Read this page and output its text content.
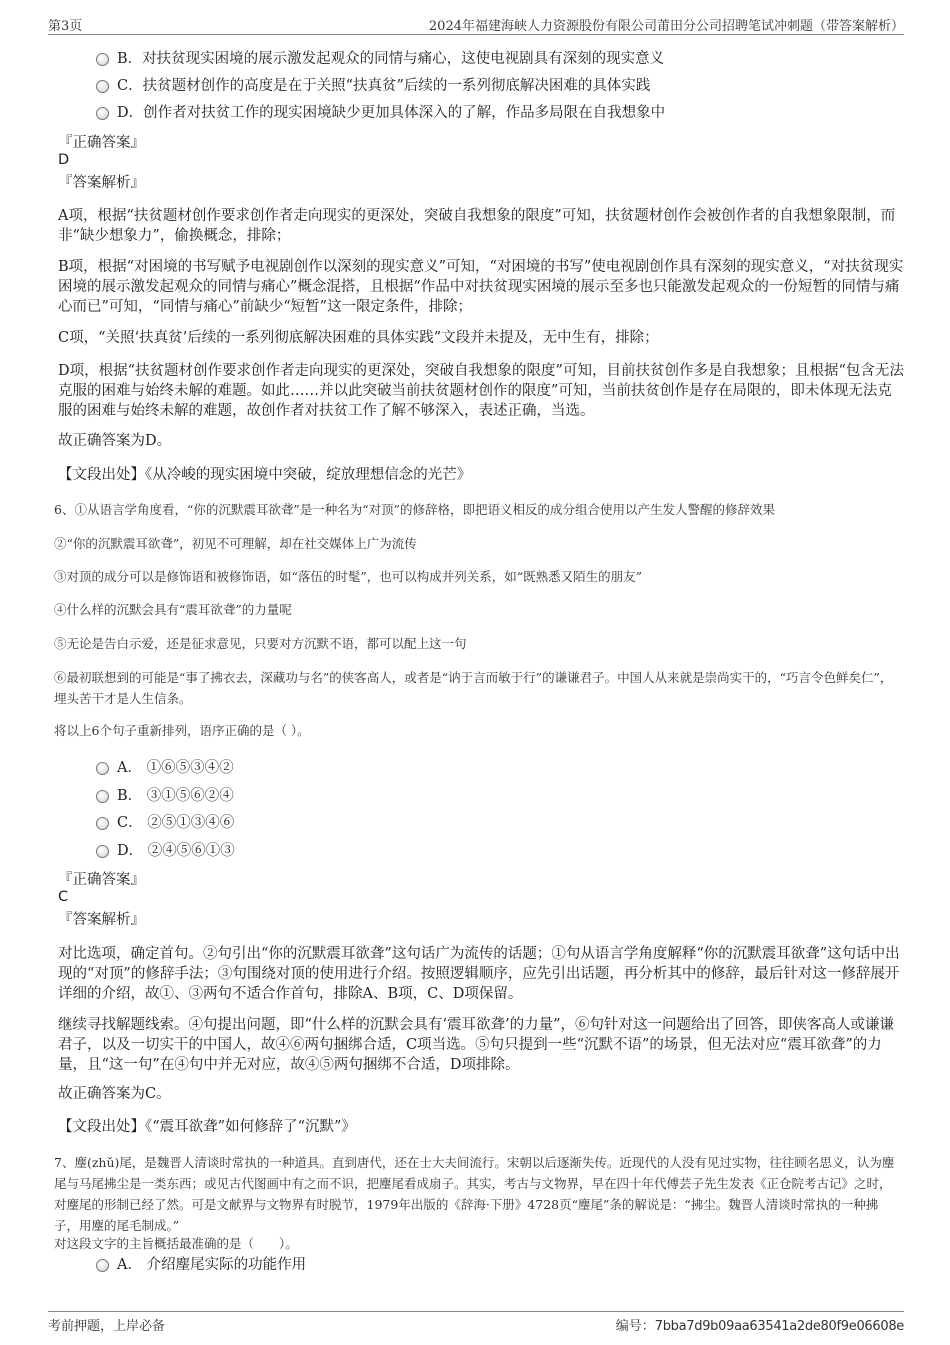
第3页	2024年福建海峡人力资源股份有限公司莆田分公司招聘笔试冲刺题（带答案解析）
B．对扶贫现实困境的展示激发起观众的同情与痛心，这使电视剧具有深刻的现实意义
C．扶贫题材创作的高度是在于关照“扶真贫”后续的一系列彻底解决困难的具体实践
D．创作者对扶贫工作的现实困境缺少更加具体深入的了解，作品多局限在自我想象中
『正确答案』
D
『答案解析』
A项，根据“扶贫题材创作要求创作者走向现实的更深处，突破自我想象的限度”可知，扶贫题材创作会被创作者的自我想象限制，而非“缺少想象力”，偷换概念，排除；
B项，根据“对困境的书写赋予电视剧创作以深刻的现实意义”可知，“对困境的书写”使电视剧创作具有深刻的现实意义，“对扶贫现实困境的展示激发起观众的同情与痛心”概念混搭，且根据“作品中对扶贫现实困境的展示至多也只能激发起观众的一份短暂的同情与痛心而已”可知，“同情与痛心”前缺少“短暂”这一限定条件，排除；
C项，“关照‘扶真贫’后续的一系列彻底解决困难的具体实践”文段并未提及，无中生有，排除；
D项，根据“扶贫题材创作要求创作者走向现实的更深处，突破自我想象的限度”可知，目前扶贫创作多是自我想象；且根据“包含无法克服的困难与始终未解的难题。如此……并以此突破当前扶贫题材创作的限度”可知，当前扶贫创作是存在局限的，即未体现无法克服的困难与始终未解的难题，故创作者对扶贫工作了解不够深入，表述正确，当选。
故正确答案为D。
【文段出处】《从冷峻的现实困境中突破，绽放理想信念的光芒》
6、①从语言学角度看，“你的沉默震耳欲聋”是一种名为“对顶”的修辞格，即把语义相反的成分组合使用以产生发人警醒的修辞效果
②“你的沉默震耳欲聋”，初见不可理解，却在社交媒体上广为流传
③对顶的成分可以是修饰语和被修饰语，如“落伍的时髦”，也可以构成并列关系，如“既熟悉又陌生的朋友”
④什么样的沉默会具有“震耳欲聋”的力量呢
⑤无论是告白示爱，还是征求意见，只要对方沉默不语，都可以配上这一句
⑥最初联想到的可能是“事了拂衣去，深藏功与名”的侠客高人，或者是“讷于言而敏于行”的谦谦君子。中国人从来就是崇尚实干的，“巧言令色鲜矣仁”，埋头苦干才是人生信条。
将以上6个句子重新排列，语序正确的是（ ）。
A． ①⑥⑤③④②
B． ③①⑤⑥②④
C． ②⑤①③④⑥
D． ②④⑤⑥①③
『正确答案』
C
『答案解析』
对比选项，确定首句。②句引出“你的沉默震耳欲聋”这句话广为流传的话题；①句从语言学角度解释“你的沉默震耳欲聋”这句话中出现的“对顶”的修辞手法；③句围绕对顶的使用进行介绍。按照逻辑顺序，应先引出话题，再分析其中的修辞，最后针对这一修辞展开详细的介绍，故①、③两句不适合作首句，排除A、B项，C、D项保留。
继续寻找解题线索。④句提出问题，即“什么样的沉默会具有‘震耳欲聋’的力量”，⑥句针对这一问题给出了回答，即侠客高人或谦谦君子，以及一切实干的中国人，故④⑥两句捆绑合适，C项当选。⑤句只提到一些“沉默不语”的场景，但无法对应“震耳欲聋”的力量，且“这一句”在④句中并无对应，故④⑤两句捆绑不合适，D项排除。
故正确答案为C。
【文段出处】《“震耳欲聋”如何修辞了“沉默”》
7、麈(zhǔ)尾，是魏晋人清谈时常执的一种道具。直到唐代，还在士大夫间流行。宋朝以后逐渐失传。近现代的人没有见过实物，往往顾名思义，认为麈尾与马尾拂尘是一类东西；或见古代图画中有之而不识，把麈尾看成扇子。其实，考古与文物界，早在四十年代傅芸子先生发表《正仓院考古记》之时，对麈尾的形制已经了然。可是文献界与文物界有时脱节，1979年出版的《辞海·下册》4728页“麈尾”条的解说是：“拂尘。魏晋人清谈时常执的一种拂子，用麈的尾毛制成。”
对这段文字的主旨概括最准确的是（　　）。
A． 介绍麈尾实际的功能作用
考前押题，上岸必备	编号：7bba7d9b09aa63541a2de80f9e06608e
